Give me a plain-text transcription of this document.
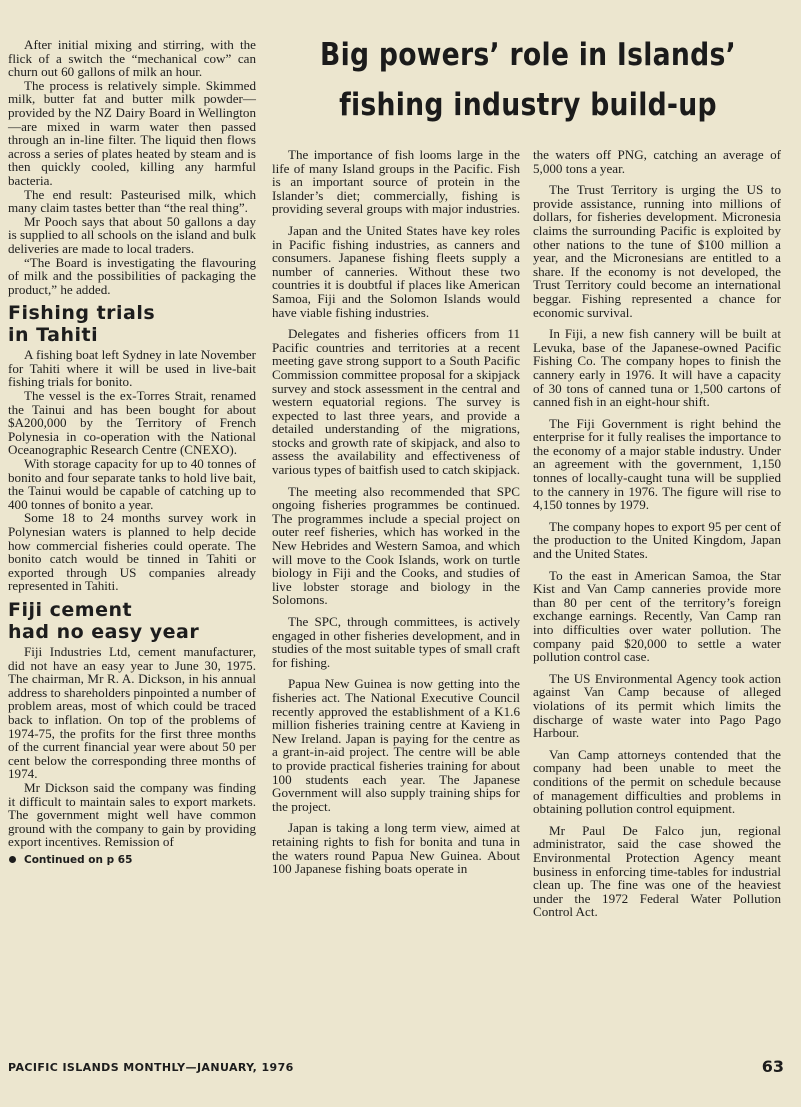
Big powers’ role in Islands’
fishing industry build-up

After initial mixing and stirring, with the flick of a switch the “mechanical cow” can churn out 60 gallons of milk an hour.

The process is relatively simple. Skimmed milk, butter fat and butter milk powder—provided by the NZ Dairy Board in Wellington—are mixed in warm water then passed through an in-line filter. The liquid then flows across a series of plates heated by steam and is then quickly cooled, killing any harmful bacteria.

The end result: Pasteurised milk, which many claim tastes better than “the real thing”.

Mr Pooch says that about 50 gallons a day is supplied to all schools on the island and bulk deliveries are made to local traders.

“The Board is investigating the flavouring of milk and the possibilities of packaging the product,” he added.

Fishing trials
in Tahiti

A fishing boat left Sydney in late November for Tahiti where it will be used in live-bait fishing trials for bonito.

The vessel is the ex-Torres Strait, renamed the Tainui and has been bought for about $A200,000 by the Territory of French Polynesia in co-operation with the National Oceanographic Research Centre (CNEXO).

With storage capacity for up to 40 tonnes of bonito and four separate tanks to hold live bait, the Tainui would be capable of catching up to 400 tonnes of bonito a year.

Some 18 to 24 months survey work in Polynesian waters is planned to help decide how commercial fisheries could operate. The bonito catch would be tinned in Tahiti or exported through US companies already represented in Tahiti.

Fiji cement
had no easy year

Fiji Industries Ltd, cement manufacturer, did not have an easy year to June 30, 1975. The chairman, Mr R. A. Dickson, in his annual address to shareholders pinpointed a number of problem areas, most of which could be traced back to inflation. On top of the problems of 1974-75, the profits for the first three months of the current financial year were about 50 per cent below the corresponding three months of 1974.

Mr Dickson said the company was finding it difficult to maintain sales to export markets. The government might well have common ground with the company to gain by providing export incentives. Remission of

Continued on p 65

The importance of fish looms large in the life of many Island groups in the Pacific. Fish is an important source of protein in the Islander’s diet; commercially, fishing is providing several groups with major industries.

Japan and the United States have key roles in Pacific fishing industries, as canners and consumers. Japanese fishing fleets supply a number of canneries. Without these two countries it is doubtful if places like American Samoa, Fiji and the Solomon Islands would have viable fishing industries.

Delegates and fisheries officers from 11 Pacific countries and territories at a recent meeting gave strong support to a South Pacific Commission committee proposal for a skipjack survey and stock assessment in the central and western equatorial regions. The survey is expected to last three years, and provide a detailed understanding of the migrations, stocks and growth rate of skipjack, and also to assess the availability and effectiveness of various types of baitfish used to catch skipjack.

The meeting also recommended that SPC ongoing fisheries programmes be continued. The programmes include a special project on outer reef fisheries, which has worked in the New Hebrides and Western Samoa, and which will move to the Cook Islands, work on turtle biology in Fiji and the Cooks, and studies of live lobster storage and biology in the Solomons.

The SPC, through committees, is actively engaged in other fisheries development, and in studies of the most suitable types of small craft for fishing.

Papua New Guinea is now getting into the fisheries act. The National Executive Council recently approved the establishment of a K1.6 million fisheries training centre at Kavieng in New Ireland. Japan is paying for the centre as a grant-in-aid project. The centre will be able to provide practical fisheries training for about 100 students each year. The Japanese Government will also supply training ships for the project.

Japan is taking a long term view, aimed at retaining rights to fish for bonita and tuna in the waters round Papua New Guinea. About 100 Japanese fishing boats operate in

the waters off PNG, catching an average of 5,000 tons a year.

The Trust Territory is urging the US to provide assistance, running into millions of dollars, for fisheries development. Micronesia claims the surrounding Pacific is exploited by other nations to the tune of $100 million a year, and the Micronesians are entitled to a share. If the economy is not developed, the Trust Territory could become an international beggar. Fishing represented a chance for economic survival.

In Fiji, a new fish cannery will be built at Levuka, base of the Japanese-owned Pacific Fishing Co. The company hopes to finish the cannery early in 1976. It will have a capacity of 30 tons of canned tuna or 1,500 cartons of canned fish in an eight-hour shift.

The Fiji Government is right behind the enterprise for it fully realises the importance to the economy of a major stable industry. Under an agreement with the government, 1,150 tonnes of locally-caught tuna will be supplied to the cannery in 1976. The figure will rise to 4,150 tonnes by 1979.

The company hopes to export 95 per cent of the production to the United Kingdom, Japan and the United States.

To the east in American Samoa, the Star Kist and Van Camp canneries provide more than 80 per cent of the territory’s foreign exchange earnings. Recently, Van Camp ran into difficulties over water pollution. The company paid $20,000 to settle a water pollution control case.

The US Environmental Agency took action against Van Camp because of alleged violations of its permit which limits the discharge of waste water into Pago Pago Harbour.

Van Camp attorneys contended that the company had been unable to meet the conditions of the permit on schedule because of management difficulties and problems in obtaining pollution control equipment.

Mr Paul De Falco jun, regional administrator, said the case showed the Environmental Protection Agency meant business in enforcing time-tables for industrial clean up. The fine was one of the heaviest under the 1972 Federal Water Pollution Control Act.

PACIFIC ISLANDS MONTHLY—JANUARY, 1976	63
